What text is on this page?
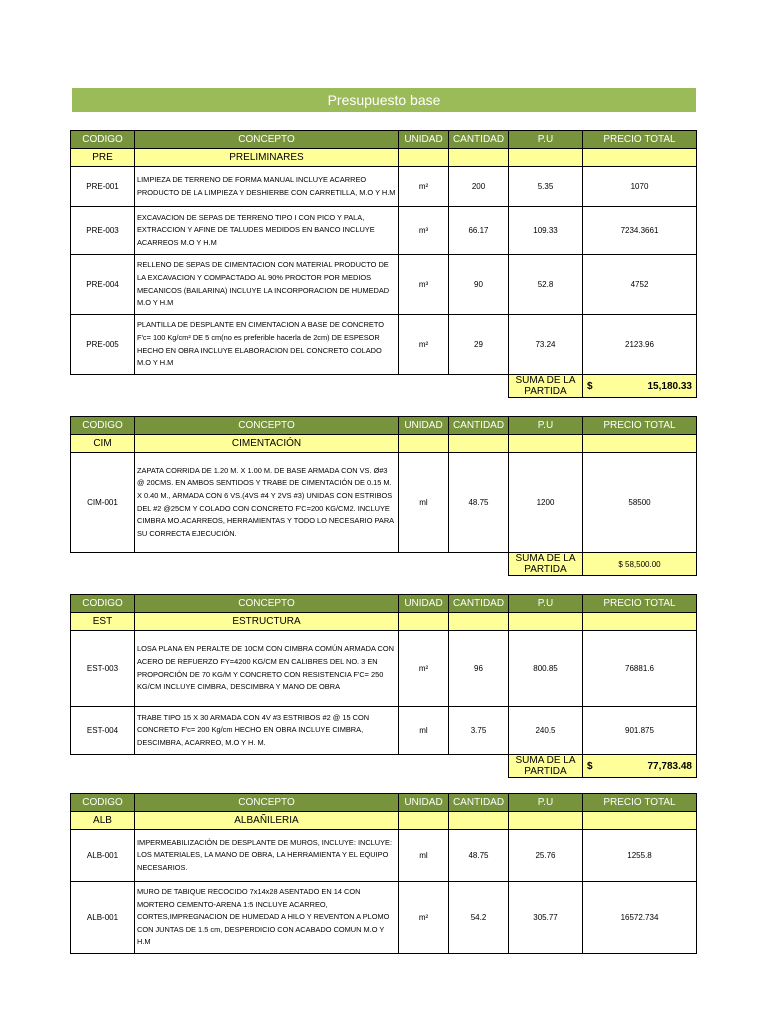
Presupuesto base
CODIGO	CONCEPTO	UNIDAD	CANTIDAD	P.U	PRECIO TOTAL
PRE	PRELIMINARES				
PRE-001	LIMPIEZA DE TERRENO DE FORMA MANUAL INCLUYE ACARREO PRODUCTO DE LA LIMPIEZA Y DESHIERBE CON CARRETILLA, M.O Y H.M	m²	200	5.35	1070
PRE-003	EXCAVACION DE SEPAS DE TERRENO TIPO I CON PICO Y PALA, EXTRACCION Y AFINE DE TALUDES MEDIDOS EN BANCO INCLUYE ACARREOS M.O Y H.M	m³	66.17	109.33	7234.3661
PRE-004	RELLENO DE SEPAS DE CIMENTACION CON MATERIAL PRODUCTO DE LA EXCAVACION Y COMPACTADO AL 90% PROCTOR POR MEDIOS MECANICOS (BAILARINA) INCLUYE LA INCORPORACION DE HUMEDAD M.O Y H.M	m³	90	52.8	4752
PRE-005	PLANTILLA DE DESPLANTE EN CIMENTACION A BASE DE CONCRETO F'c= 100 Kg/cm² DE 5 cm(no es preferible hacerla de 2cm) DE ESPESOR HECHO EN OBRA INCLUYE ELABORACION DEL CONCRETO COLADO M.O Y H.M	m²	29	73.24	2123.96
				SUMA DE LA PARTIDA	$ 15,180.33
CODIGO	CONCEPTO	UNIDAD	CANTIDAD	P.U	PRECIO TOTAL
CIM	CIMENTACIÓN				
CIM-001	ZAPATA CORRIDA DE 1.20 M. X 1.00 M. DE BASE ARMADA CON VS. Ø#3 @ 20CMS. EN AMBOS SENTIDOS Y TRABE DE CIMENTACIÓN DE 0.15 M. X 0.40 M., ARMADA CON 6 VS.(4VS #4 Y 2VS #3) UNIDAS CON ESTRIBOS DEL #2 @25CM Y COLADO CON CONCRETO F'C=200 KG/CM2. INCLUYE CIMBRA MO.ACARREOS, HERRAMIENTAS Y TODO LO NECESARIO PARA SU CORRECTA EJECUCIÓN.	ml	48.75	1200	58500
				SUMA DE LA PARTIDA	$ 58,500.00
CODIGO	CONCEPTO	UNIDAD	CANTIDAD	P.U	PRECIO TOTAL
EST	ESTRUCTURA				
EST-003	LOSA PLANA EN PERALTE DE 10CM CON CIMBRA COMÚN ARMADA CON ACERO DE REFUERZO FY=4200 KG/CM EN CALIBRES DEL NO. 3 EN PROPORCIÓN DE 70 KG/M Y CONCRETO CON RESISTENCIA F'C= 250 KG/CM INCLUYE CIMBRA, DESCIMBRA Y MANO DE OBRA	m²	96	800.85	76881.6
EST-004	TRABE TIPO 15 X 30 ARMADA CON 4V #3 ESTRIBOS #2 @ 15 CON CONCRETO F'c= 200 Kg/cm HECHO EN OBRA INCLUYE CIMBRA, DESCIMBRA, ACARREO, M.O Y H. M.	ml	3.75	240.5	901.875
				SUMA DE LA PARTIDA	$ 77,783.48
CODIGO	CONCEPTO	UNIDAD	CANTIDAD	P.U	PRECIO TOTAL
ALB	ALBAÑILERIA				
ALB-001	IMPERMEABILIZACIÓN DE DESPLANTE DE MUROS, INCLUYE: INCLUYE: LOS MATERIALES, LA MANO DE OBRA, LA HERRAMIENTA Y EL EQUIPO NECESARIOS.	ml	48.75	25.76	1255.8
ALB-001	MURO DE TABIQUE RECOCIDO 7x14x28 ASENTADO EN 14 CON MORTERO CEMENTO-ARENA 1:5 INCLUYE ACARREO, CORTES,IMPREGNACION DE HUMEDAD A HILO Y REVENTON A PLOMO CON JUNTAS DE 1.5 cm, DESPERDICIO CON ACABADO COMUN M.O Y H.M	m²	54.2	305.77	16572.734
